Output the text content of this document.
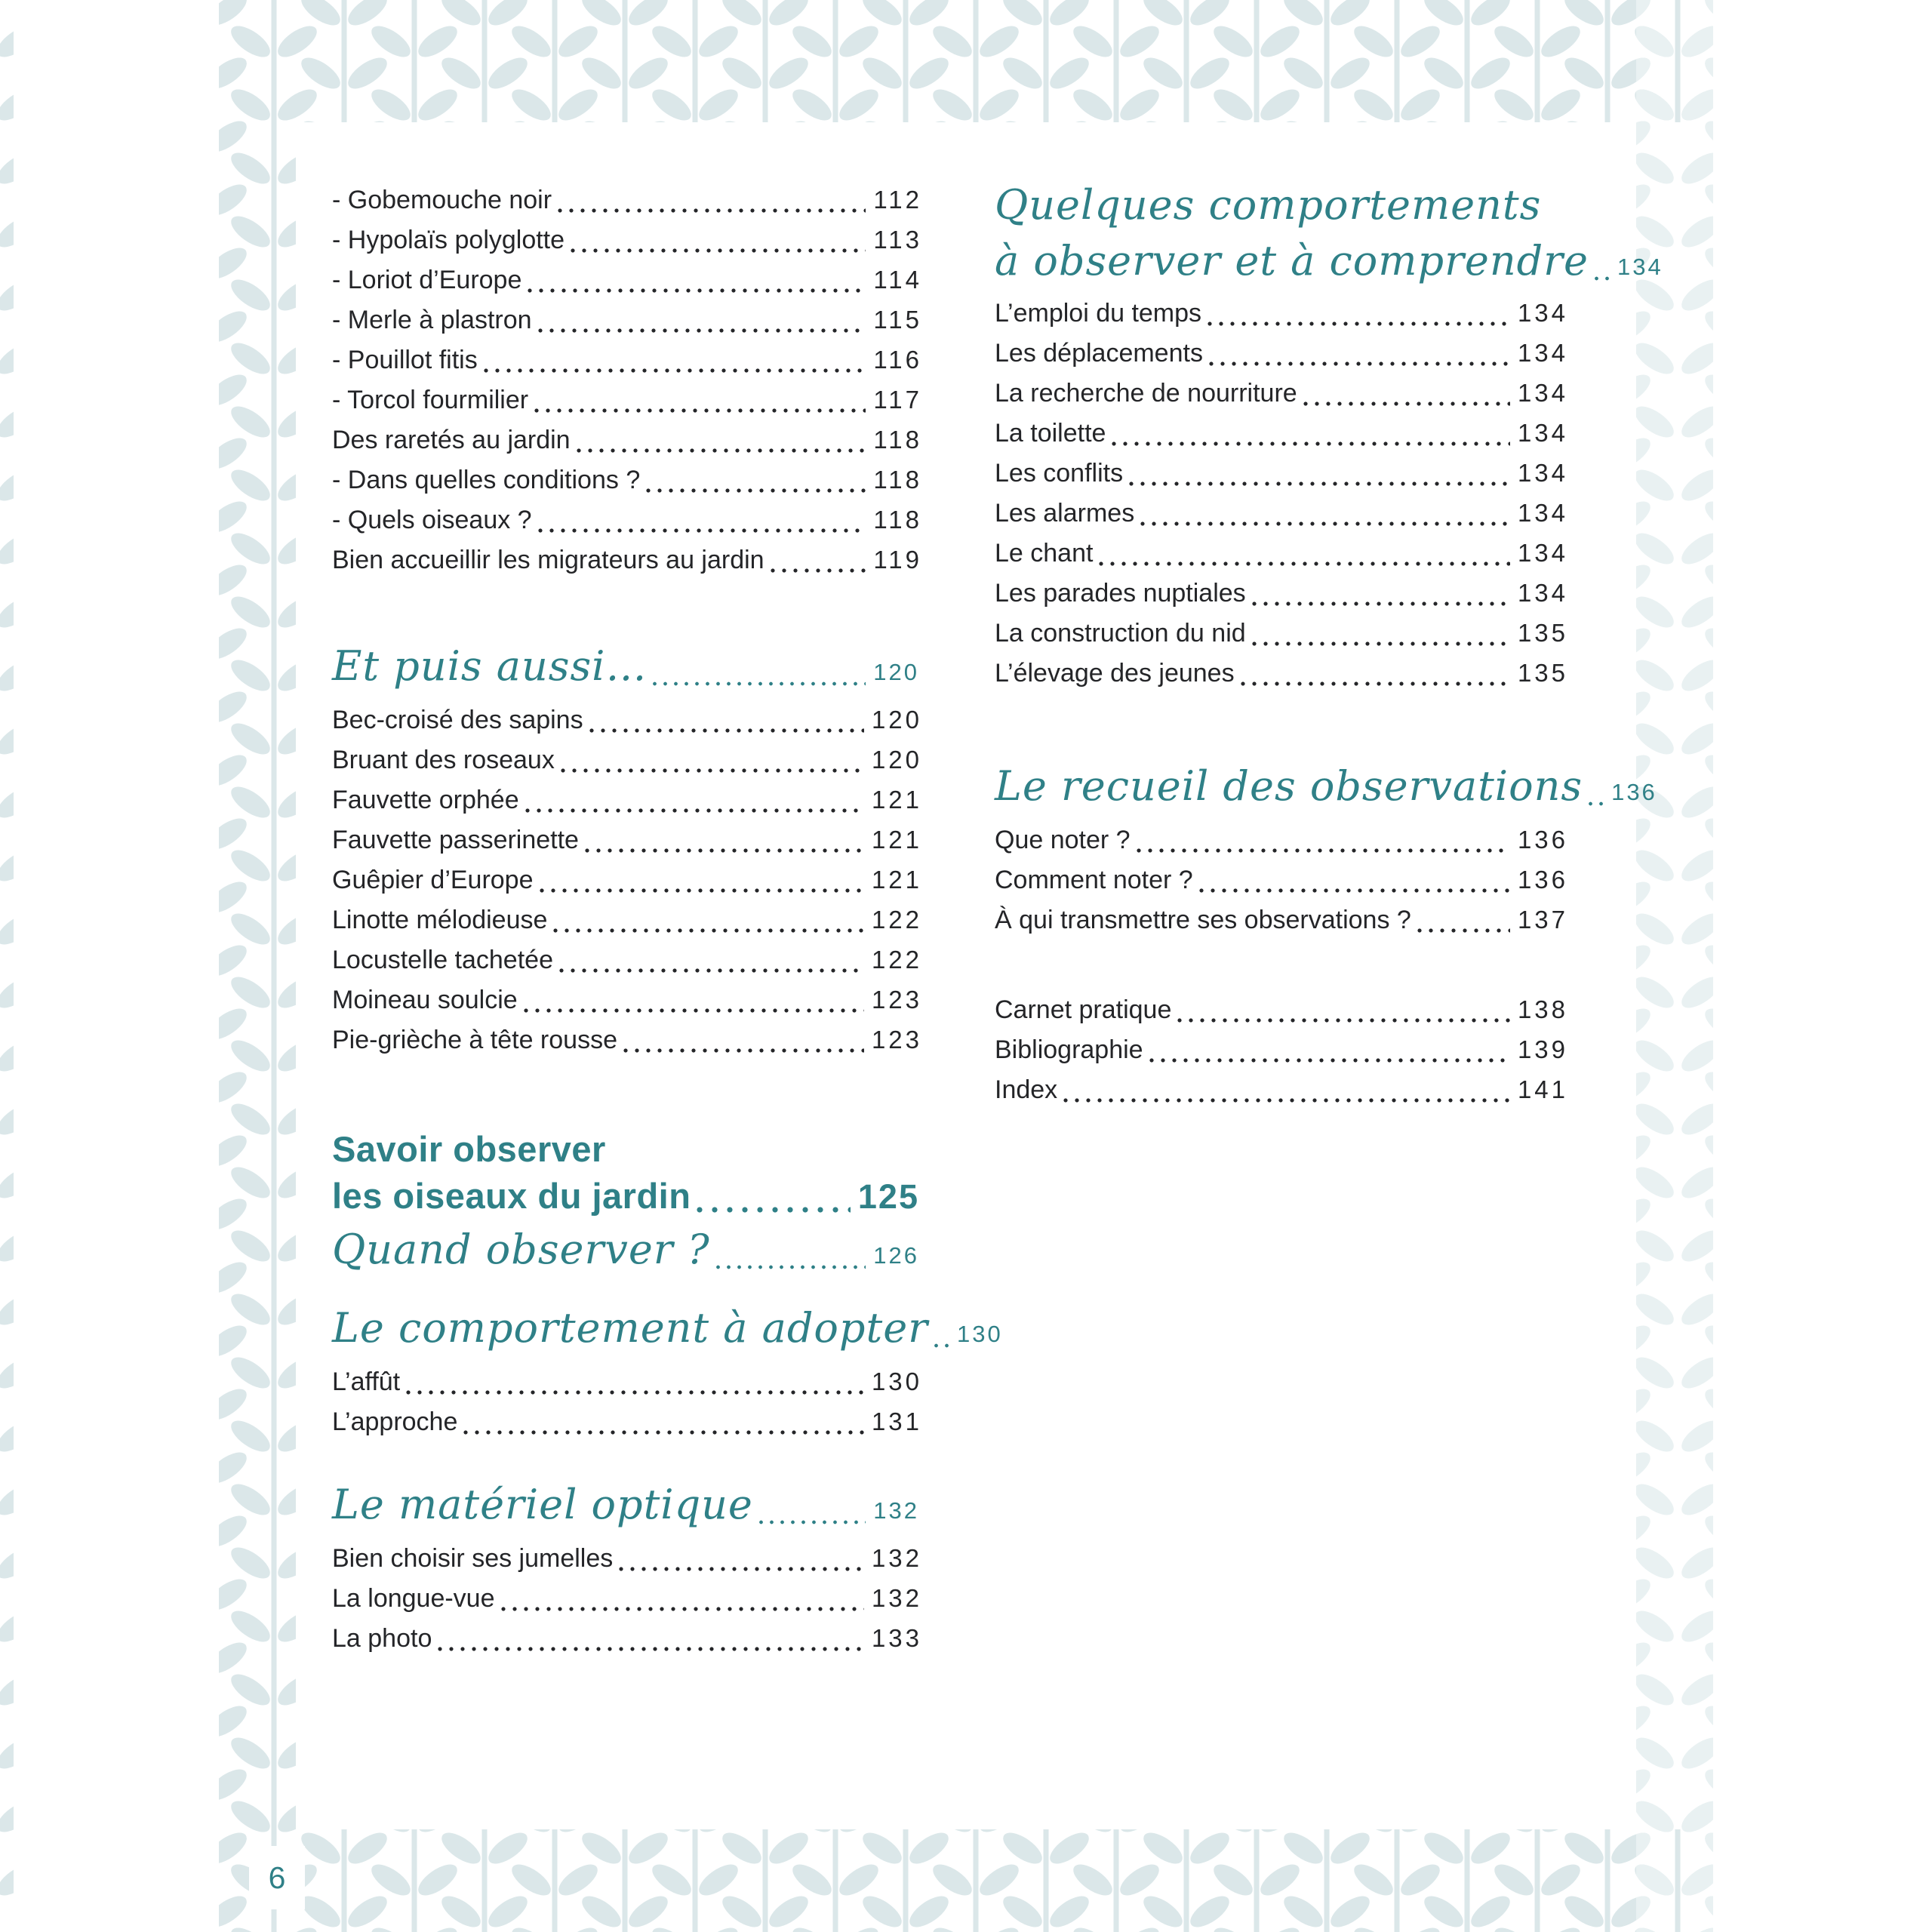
- Gobemouche noir	112
- Hypolaïs polyglotte	113
- Loriot d’Europe	114
- Merle à plastron	115
- Pouillot fitis	116
- Torcol fourmilier	117
Des raretés au jardin	118
- Dans quelles conditions ?	118
- Quels oiseaux ?	118
Bien accueillir les migrateurs au jardin	119
Et puis aussi…	120
Bec-croisé des sapins	120
Bruant des roseaux	120
Fauvette orphée	121
Fauvette passerinette	121
Guêpier d’Europe	121
Linotte mélodieuse	122
Locustelle tachetée	122
Moineau soulcie	123
Pie-grièche à tête rousse	123
Savoir observer
les oiseaux du jardin	125
Quand observer ?	126
Le comportement à adopter 130
L’affût	130
L’approche	131
Le matériel optique	132
Bien choisir ses jumelles	132
La longue-vue	132
La photo	133
Quelques comportements
à observer et à comprendre 134
L’emploi du temps	134
Les déplacements	134
La recherche de nourriture	134
La toilette	134
Les conflits	134
Les alarmes	134
Le chant	134
Les parades nuptiales	134
La construction du nid	135
L’élevage des jeunes	135
Le recueil des observations 136
Que noter ?	136
Comment noter ?	136
À qui transmettre ses observations ?	137
Carnet pratique	138
Bibliographie	139
Index	141
6
